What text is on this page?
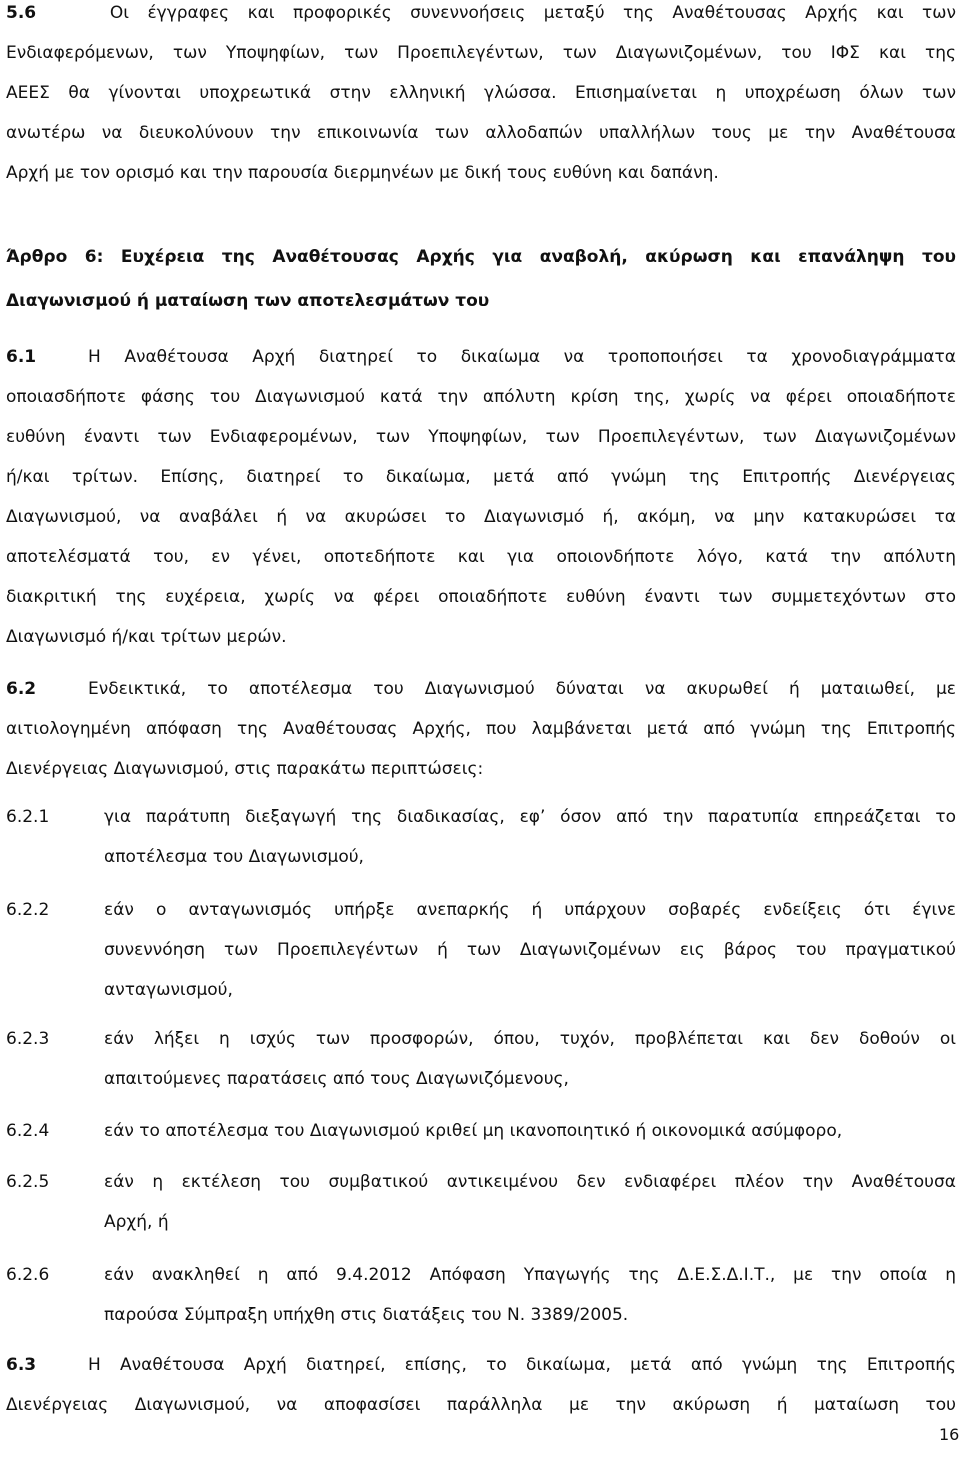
5.6	Οι έγγραφες και προφορικές συνεννοήσεις μεταξύ της Αναθέτουσας Αρχής και των
Ενδιαφερόμενων, των Υποψηφίων, των Προεπιλεγέντων, των Διαγωνιζομένων, του ΙΦΣ και της
ΑΕΕΣ θα γίνονται υποχρεωτικά στην ελληνική γλώσσα. Επισημαίνεται η υποχρέωση όλων των
ανωτέρω να διευκολύνουν την επικοινωνία των αλλοδαπών υπαλλήλων τους με την Αναθέτουσα
Αρχή με τον ορισμό και την παρουσία διερμηνέων με δική τους ευθύνη και δαπάνη.
Άρθρο 6: Ευχέρεια της Αναθέτουσας Αρχής για αναβολή, ακύρωση και επανάληψη του
Διαγωνισμού ή ματαίωση των αποτελεσμάτων του
6.1	Η Αναθέτουσα Αρχή διατηρεί το δικαίωμα να τροποποιήσει τα χρονοδιαγράμματα
οποιασδήποτε φάσης του Διαγωνισμού κατά την απόλυτη κρίση της, χωρίς να φέρει οποιαδήποτε
ευθύνη έναντι των Ενδιαφερομένων, των Υποψηφίων, των Προεπιλεγέντων, των Διαγωνιζομένων
ή/και τρίτων. Επίσης, διατηρεί το δικαίωμα, μετά από γνώμη της Επιτροπής Διενέργειας
Διαγωνισμού, να αναβάλει ή να ακυρώσει το Διαγωνισμό ή, ακόμη, να μην κατακυρώσει τα
αποτελέσματά του, εν γένει, οποτεδήποτε και για οποιονδήποτε λόγο, κατά την απόλυτη
διακριτική της ευχέρεια, χωρίς να φέρει οποιαδήποτε ευθύνη έναντι των συμμετεχόντων στο
Διαγωνισμό ή/και τρίτων μερών.
6.2	Ενδεικτικά, το αποτέλεσμα του Διαγωνισμού δύναται να ακυρωθεί ή ματαιωθεί, με
αιτιολογημένη απόφαση της Αναθέτουσας Αρχής, που λαμβάνεται μετά από γνώμη της Επιτροπής
Διενέργειας Διαγωνισμού, στις παρακάτω περιπτώσεις:
6.2.1	για παράτυπη διεξαγωγή της διαδικασίας, εφ’ όσον από την παρατυπία επηρεάζεται το
αποτέλεσμα του Διαγωνισμού,
6.2.2	εάν ο ανταγωνισμός υπήρξε ανεπαρκής ή υπάρχουν σοβαρές ενδείξεις ότι έγινε
συνεννόηση των Προεπιλεγέντων ή των Διαγωνιζομένων εις βάρος του πραγματικού
ανταγωνισμού,
6.2.3	εάν λήξει η ισχύς των προσφορών, όπου, τυχόν, προβλέπεται και δεν δοθούν οι
απαιτούμενες παρατάσεις από τους Διαγωνιζόμενους,
6.2.4	εάν το αποτέλεσμα του Διαγωνισμού κριθεί μη ικανοποιητικό ή οικονομικά ασύμφορο,
6.2.5	εάν η εκτέλεση του συμβατικού αντικειμένου δεν ενδιαφέρει πλέον την Αναθέτουσα
Αρχή, ή
6.2.6	εάν ανακληθεί η από 9.4.2012 Απόφαση Υπαγωγής της Δ.Ε.Σ.Δ.Ι.Τ., με την οποία η
παρούσα Σύμπραξη υπήχθη στις διατάξεις του Ν. 3389/2005.
6.3	Η Αναθέτουσα Αρχή διατηρεί, επίσης, το δικαίωμα, μετά από γνώμη της Επιτροπής
Διενέργειας Διαγωνισμού, να αποφασίσει παράλληλα με την ακύρωση ή ματαίωση του
16
